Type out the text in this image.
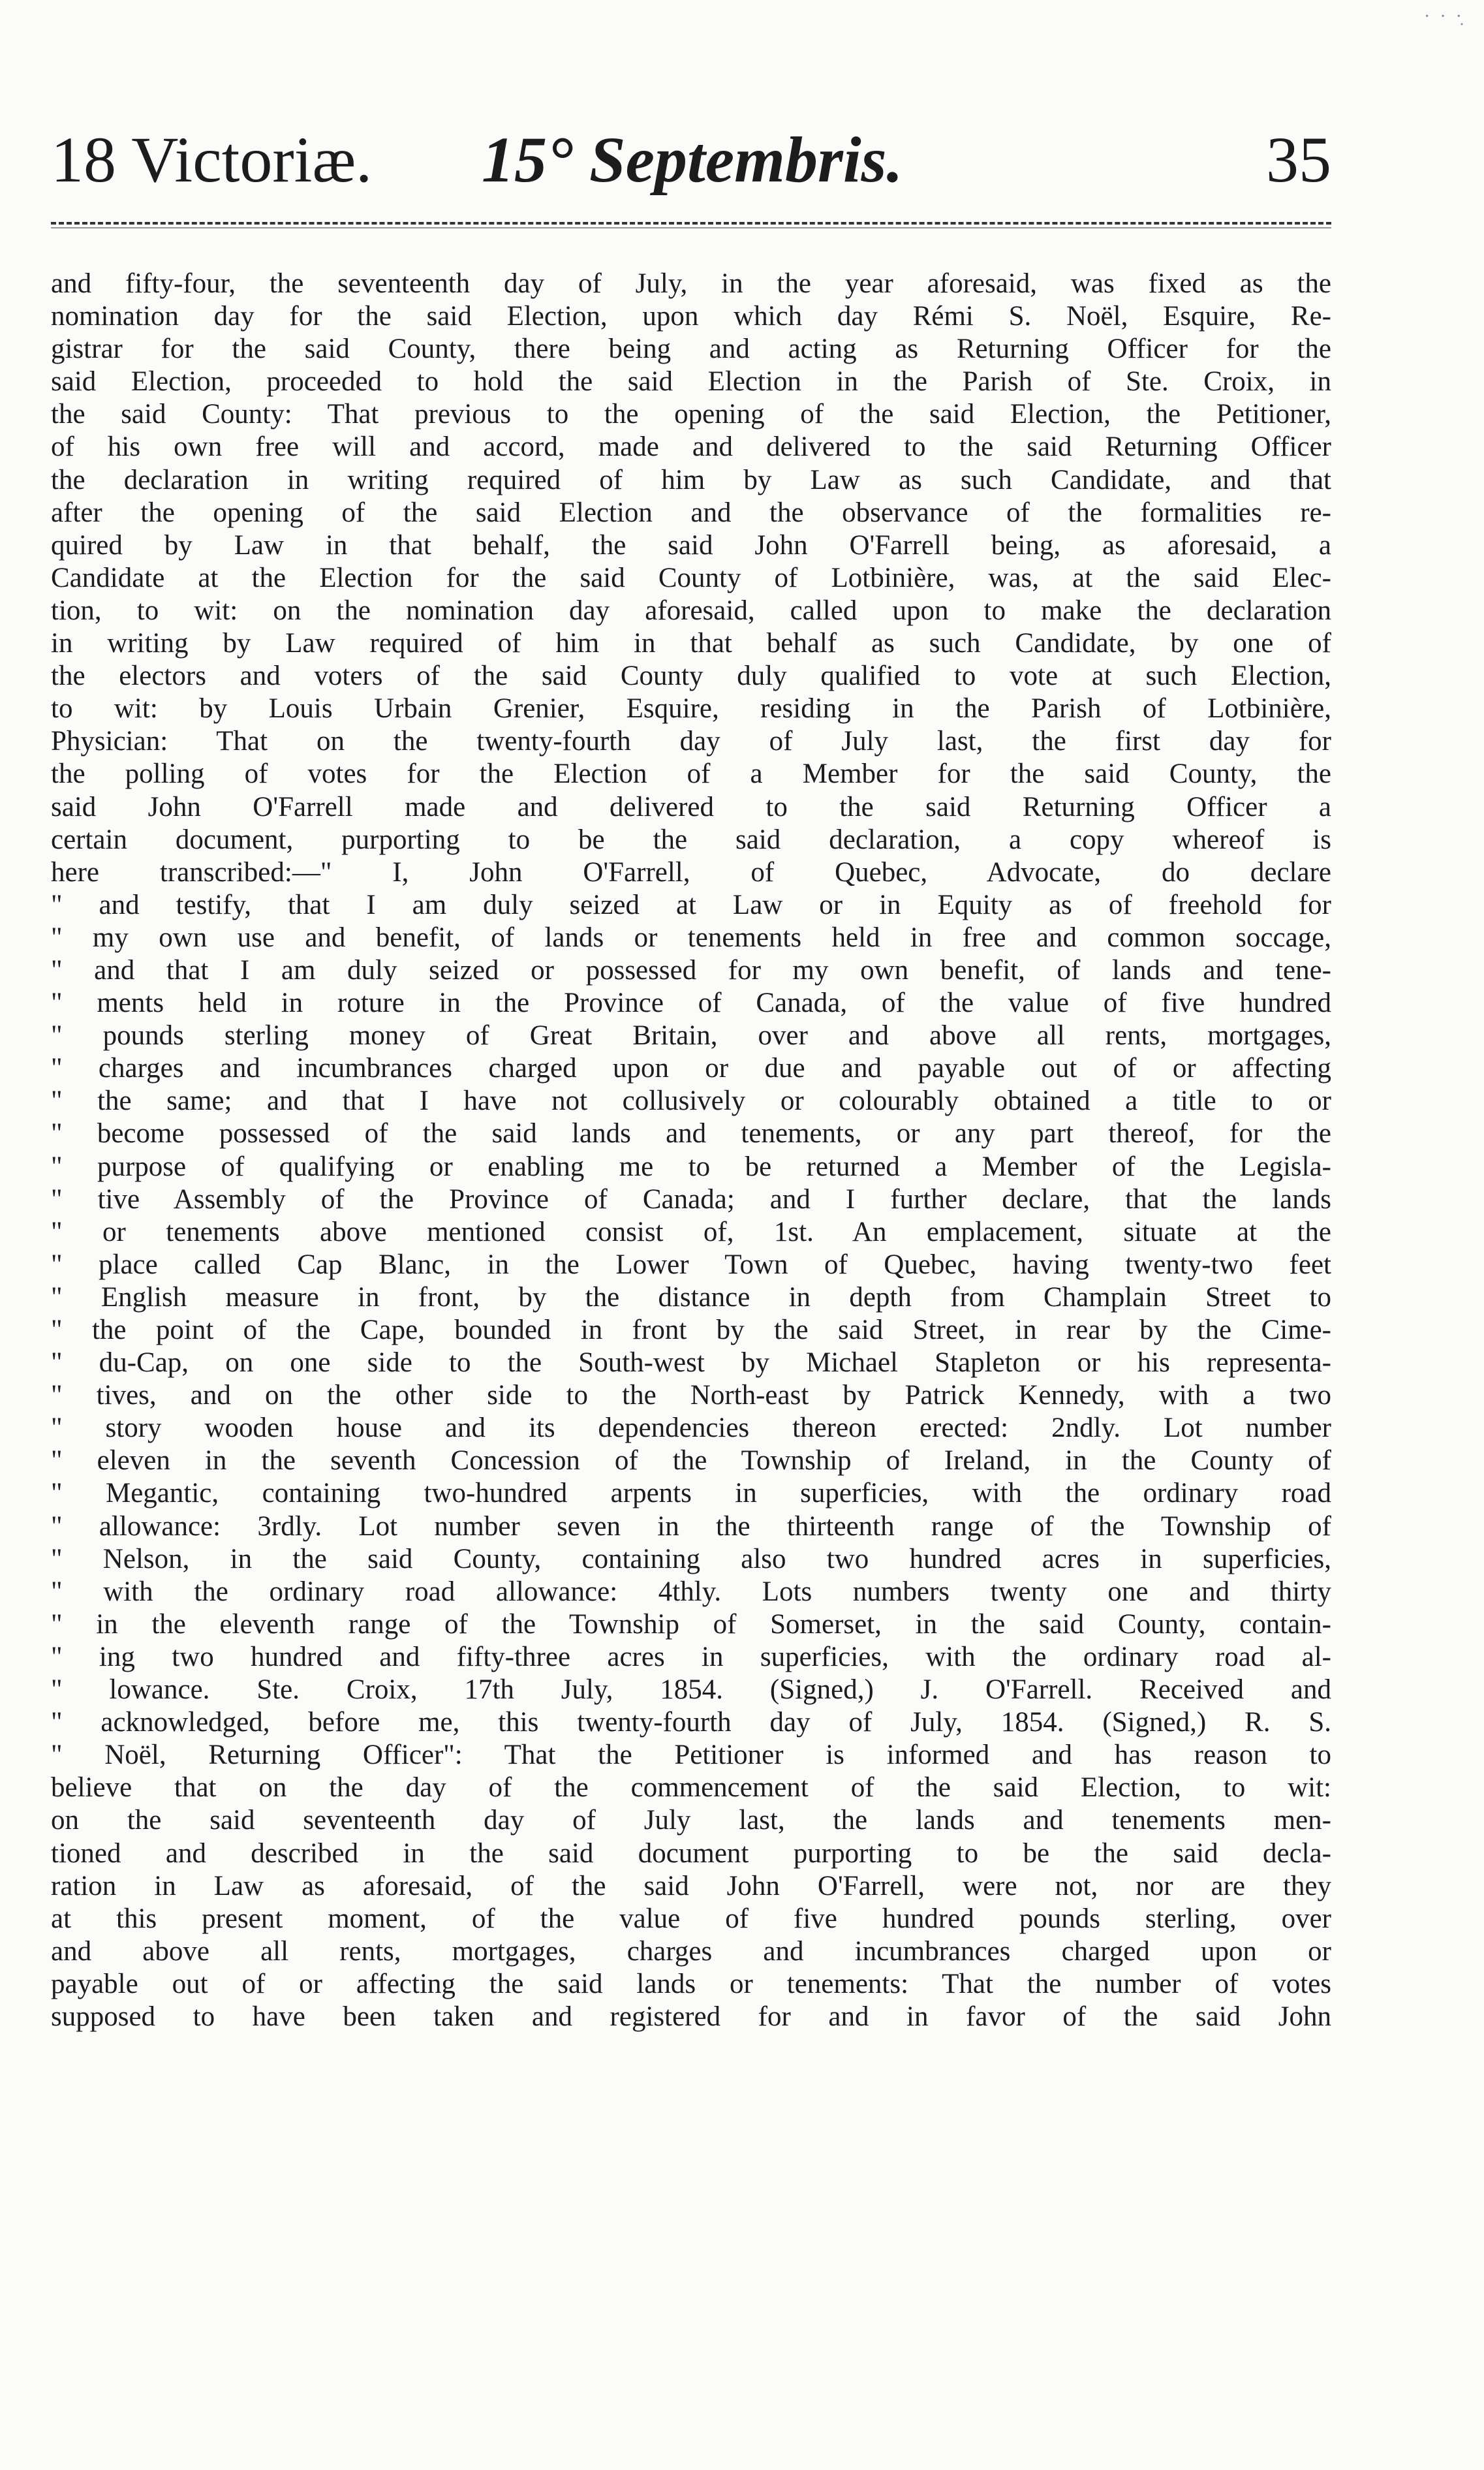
· · ·̣̣
18 Victoriæ. 15° Septembris.	35
and fifty-four, the seventeenth day of July, in the year aforesaid, was fixed as the
nomination day for the said Election, upon which day Rémi S. Noël, Esquire, Re-
gistrar for the said County, there being and acting as Returning Officer for the
said Election, proceeded to hold the said Election in the Parish of Ste. Croix, in
the said County: That previous to the opening of the said Election, the Petitioner,
of his own free will and accord, made and delivered to the said Returning Officer
the declaration in writing required of him by Law as such Candidate, and that
after the opening of the said Election and the observance of the formalities re-
quired by Law in that behalf, the said John O'Farrell being, as aforesaid, a
Candidate at the Election for the said County of Lotbinière, was, at the said Elec-
tion, to wit: on the nomination day aforesaid, called upon to make the declaration
in writing by Law required of him in that behalf as such Candidate, by one of
the electors and voters of the said County duly qualified to vote at such Election,
to wit: by Louis Urbain Grenier, Esquire, residing in the Parish of Lotbinière,
Physician: That on the twenty-fourth day of July last, the first day for
the polling of votes for the Election of a Member for the said County, the
said John O'Farrell made and delivered to the said Returning Officer a
certain document, purporting to be the said declaration, a copy whereof is
here transcribed:—" I, John O'Farrell, of Quebec, Advocate, do declare
" and testify, that I am duly seized at Law or in Equity as of freehold for
" my own use and benefit, of lands or tenements held in free and common soccage,
" and that I am duly seized or possessed for my own benefit, of lands and tene-
" ments held in roture in the Province of Canada, of the value of five hundred
" pounds sterling money of Great Britain, over and above all rents, mortgages,
" charges and incumbrances charged upon or due and payable out of or affecting
" the same; and that I have not collusively or colourably obtained a title to or
" become possessed of the said lands and tenements, or any part thereof, for the
" purpose of qualifying or enabling me to be returned a Member of the Legisla-
" tive Assembly of the Province of Canada; and I further declare, that the lands
" or tenements above mentioned consist of, 1st. An emplacement, situate at the
" place called Cap Blanc, in the Lower Town of Quebec, having twenty-two feet
" English measure in front, by the distance in depth from Champlain Street to
" the point of the Cape, bounded in front by the said Street, in rear by the Cime-
" du-Cap, on one side to the South-west by Michael Stapleton or his representa-
" tives, and on the other side to the North-east by Patrick Kennedy, with a two
" story wooden house and its dependencies thereon erected: 2ndly. Lot number
" eleven in the seventh Concession of the Township of Ireland, in the County of
" Megantic, containing two-hundred arpents in superficies, with the ordinary road
" allowance: 3rdly. Lot number seven in the thirteenth range of the Township of
" Nelson, in the said County, containing also two hundred acres in superficies,
" with the ordinary road allowance: 4thly. Lots numbers twenty one and thirty
" in the eleventh range of the Township of Somerset, in the said County, contain-
" ing two hundred and fifty-three acres in superficies, with the ordinary road al-
" lowance. Ste. Croix, 17th July, 1854. (Signed,) J. O'Farrell. Received and
" acknowledged, before me, this twenty-fourth day of July, 1854. (Signed,) R. S.
" Noël, Returning Officer": That the Petitioner is informed and has reason to
believe that on the day of the commencement of the said Election, to wit:
on the said seventeenth day of July last, the lands and tenements men-
tioned and described in the said document purporting to be the said decla-
ration in Law as aforesaid, of the said John O'Farrell, were not, nor are they
at this present moment, of the value of five hundred pounds sterling, over
and above all rents, mortgages, charges and incumbrances charged upon or
payable out of or affecting the said lands or tenements: That the number of votes
supposed to have been taken and registered for and in favor of the said John
